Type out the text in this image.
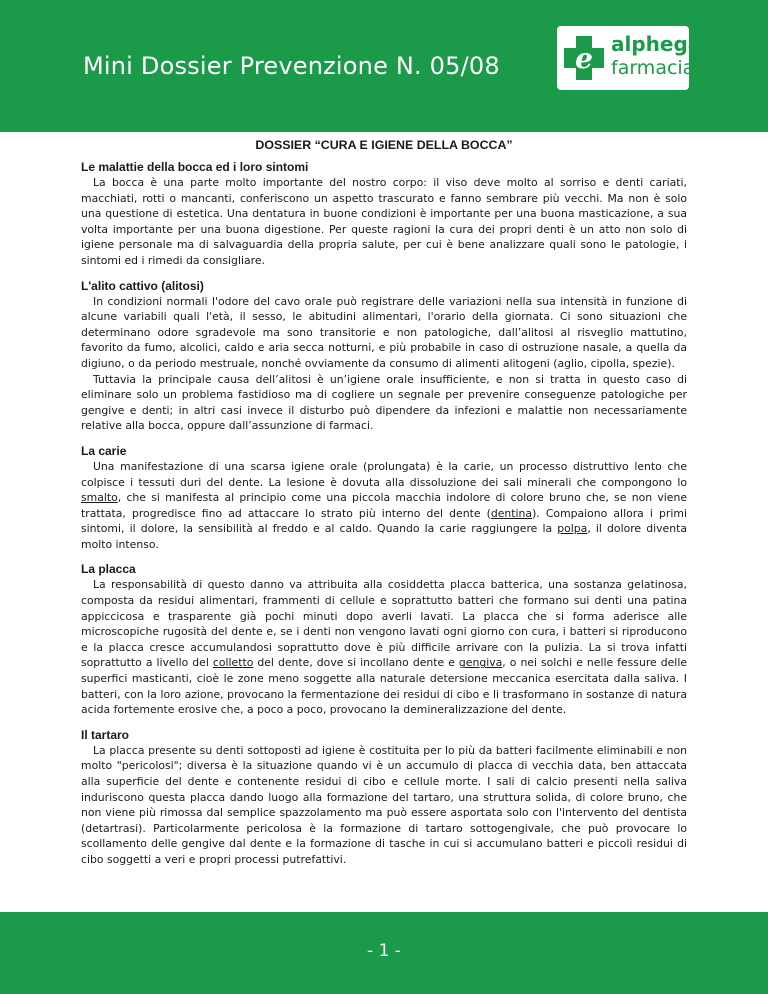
Mini Dossier Prevenzione N. 05/08	e alphega
farmacia
DOSSIER “CURA E IGIENE DELLA BOCCA”
Le malattie della bocca ed i loro sintomi

La bocca è una parte molto importante del nostro corpo: il viso deve molto al sorriso e denti cariati, macchiati, rotti o mancanti, conferiscono un aspetto trascurato e fanno sembrare più vecchi. Ma non è solo una questione di estetica. Una dentatura in buone condizioni è importante per una buona masticazione, a sua volta importante per una buona digestione. Per queste ragioni la cura dei propri denti è un atto non solo di igiene personale ma di salvaguardia della propria salute, per cui è bene analizzare quali sono le patologie, i sintomi ed i rimedi da consigliare.

L'alito cattivo (alitosi)

In condizioni normali l'odore del cavo orale può registrare delle variazioni nella sua intensità in funzione di alcune variabili quali l'età, il sesso, le abitudini alimentari, l'orario della giornata. Ci sono situazioni che determinano odore sgradevole ma sono transitorie e non patologiche, dall’alitosi al risveglio mattutino, favorito da fumo, alcolici, caldo e aria secca notturni, e più probabile in caso di ostruzione nasale, a quella da digiuno, o da periodo mestruale, nonché ovviamente da consumo di alimenti alitogeni (aglio, cipolla, spezie).

Tuttavia la principale causa dell’alitosi è un’igiene orale insufficiente, e non si tratta in questo caso di eliminare solo un problema fastidioso ma di cogliere un segnale per prevenire conseguenze patologiche per gengive e denti; in altri casi invece il disturbo può dipendere da infezioni e malattie non necessariamente relative alla bocca, oppure dall’assunzione di farmaci.

La carie

Una manifestazione di una scarsa igiene orale (prolungata) è la carie, un processo distruttivo lento che colpisce i tessuti duri del dente. La lesione è dovuta alla dissoluzione dei sali minerali che compongono lo smalto, che si manifesta al principio come una piccola macchia indolore di colore bruno che, se non viene trattata, progredisce fino ad attaccare lo strato più interno del dente (dentina). Compaiono allora i primi sintomi, il dolore, la sensibilità al freddo e al caldo. Quando la carie raggiungere la polpa, il dolore diventa molto intenso.

La placca

La responsabilità di questo danno va attribuita alla cosiddetta placca batterica, una sostanza gelatinosa, composta da residui alimentari, frammenti di cellule e soprattutto batteri che formano sui denti una patina appiccicosa e trasparente già pochi minuti dopo averli lavati. La placca che si forma aderisce alle microscopiche rugosità del dente e, se i denti non vengono lavati ogni giorno con cura, i batteri si riproducono e la placca cresce accumulandosi soprattutto dove è più difficile arrivare con la pulizia. La si trova infatti soprattutto a livello del colletto del dente, dove si incollano dente e gengiva, o nei solchi e nelle fessure delle superfici masticanti, cioè le zone meno soggette alla naturale detersione meccanica esercitata dalla saliva. I batteri, con la loro azione, provocano la fermentazione dei residui di cibo e li trasformano in sostanze di natura acida fortemente erosive che, a poco a poco, provocano la demineralizzazione del dente.

Il tartaro

La placca presente su denti sottoposti ad igiene è costituita per lo più da batteri facilmente eliminabili e non molto "pericolosi"; diversa è la situazione quando vi è un accumulo di placca di vecchia data, ben attaccata alla superficie del dente e contenente residui di cibo e cellule morte. I sali di calcio presenti nella saliva induriscono questa placca dando luogo alla formazione del tartaro, una struttura solida, di colore bruno, che non viene più rimossa dal semplice spazzolamento ma può essere asportata solo con l'intervento del dentista (detartrasi). Particolarmente pericolosa è la formazione di tartaro sottogengivale, che può provocare lo scollamento delle gengive dal dente e la formazione di tasche in cui si accumulano batteri e piccoli residui di cibo soggetti a veri e propri processi putrefattivi.

- 1 -
